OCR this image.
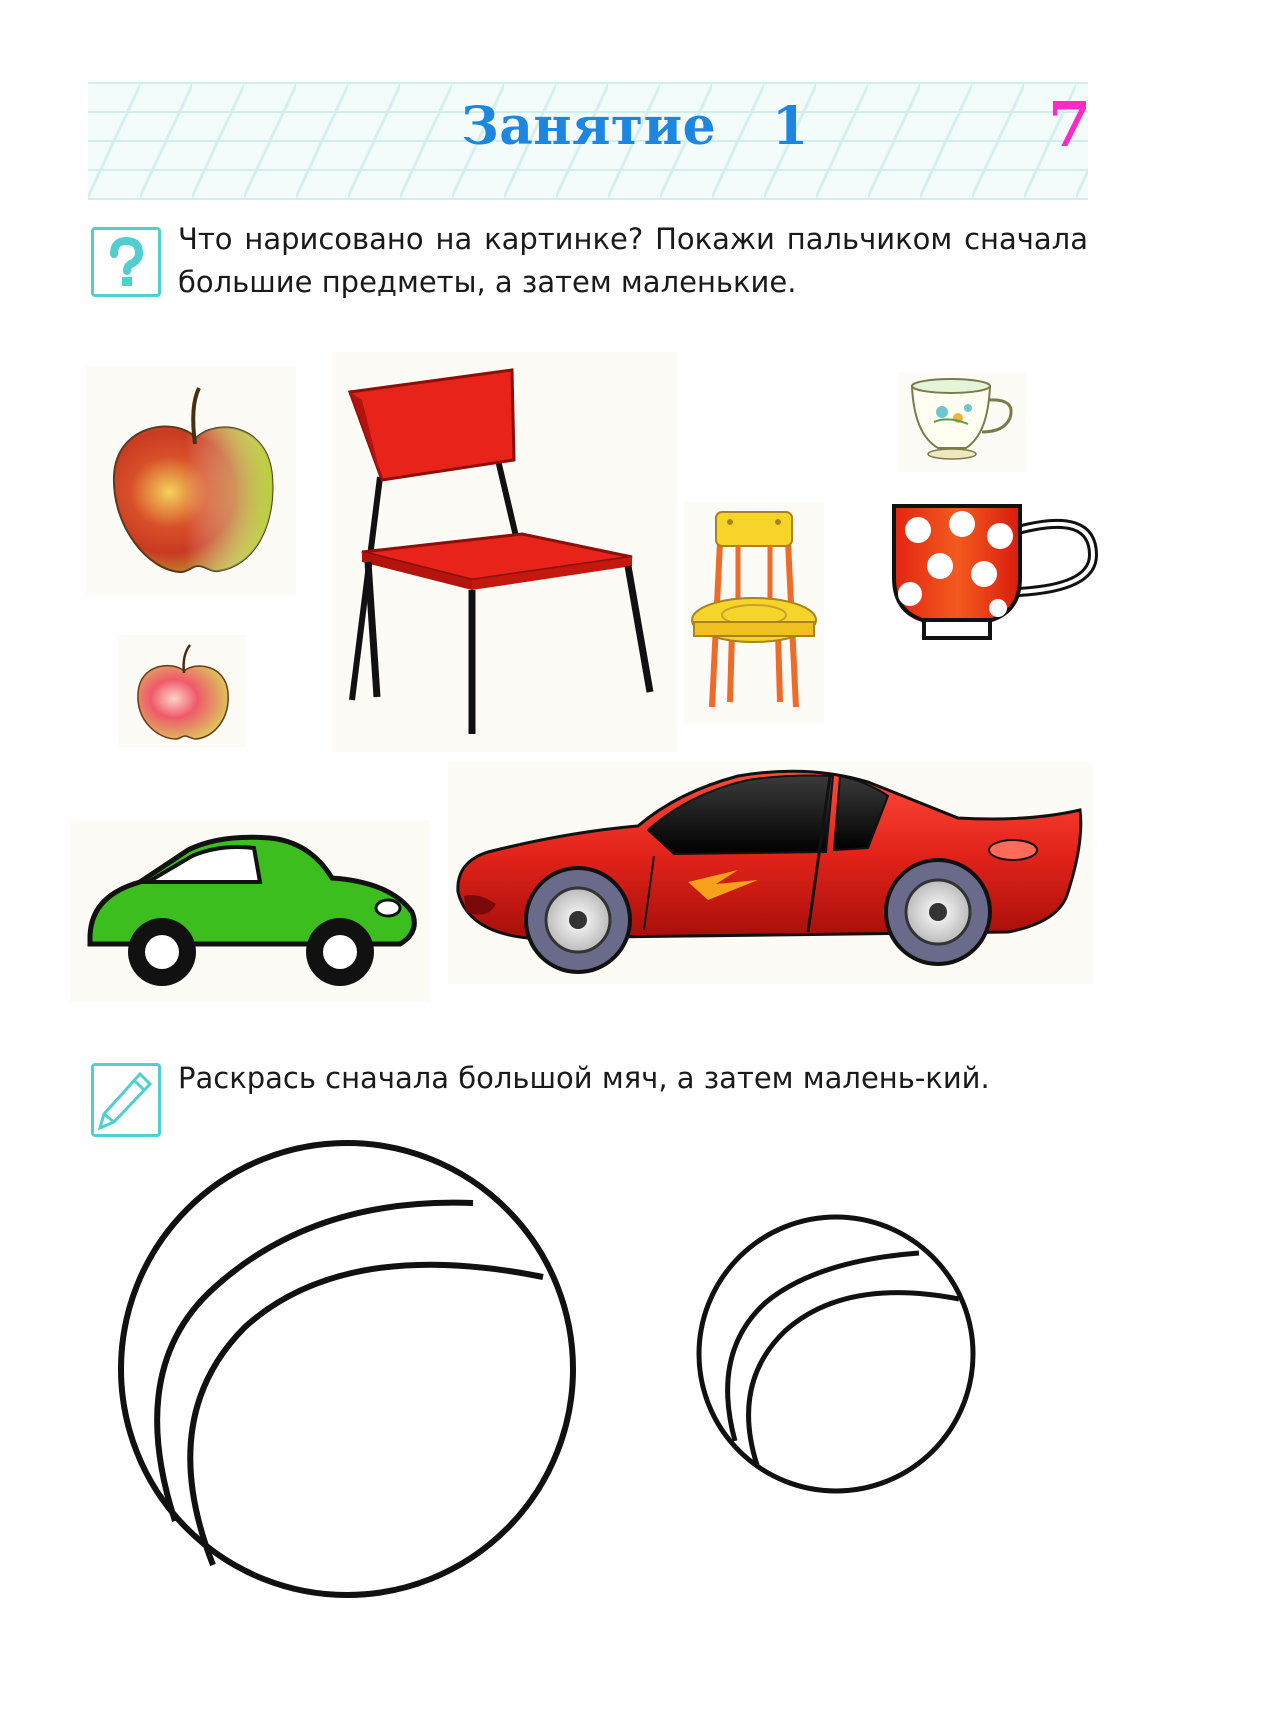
Занятие   1	7
Что нарисовано на картинке? Покажи пальчиком сначала большие предметы, а затем маленькие.
Раскрась сначала большой мяч, а затем малень-кий.
